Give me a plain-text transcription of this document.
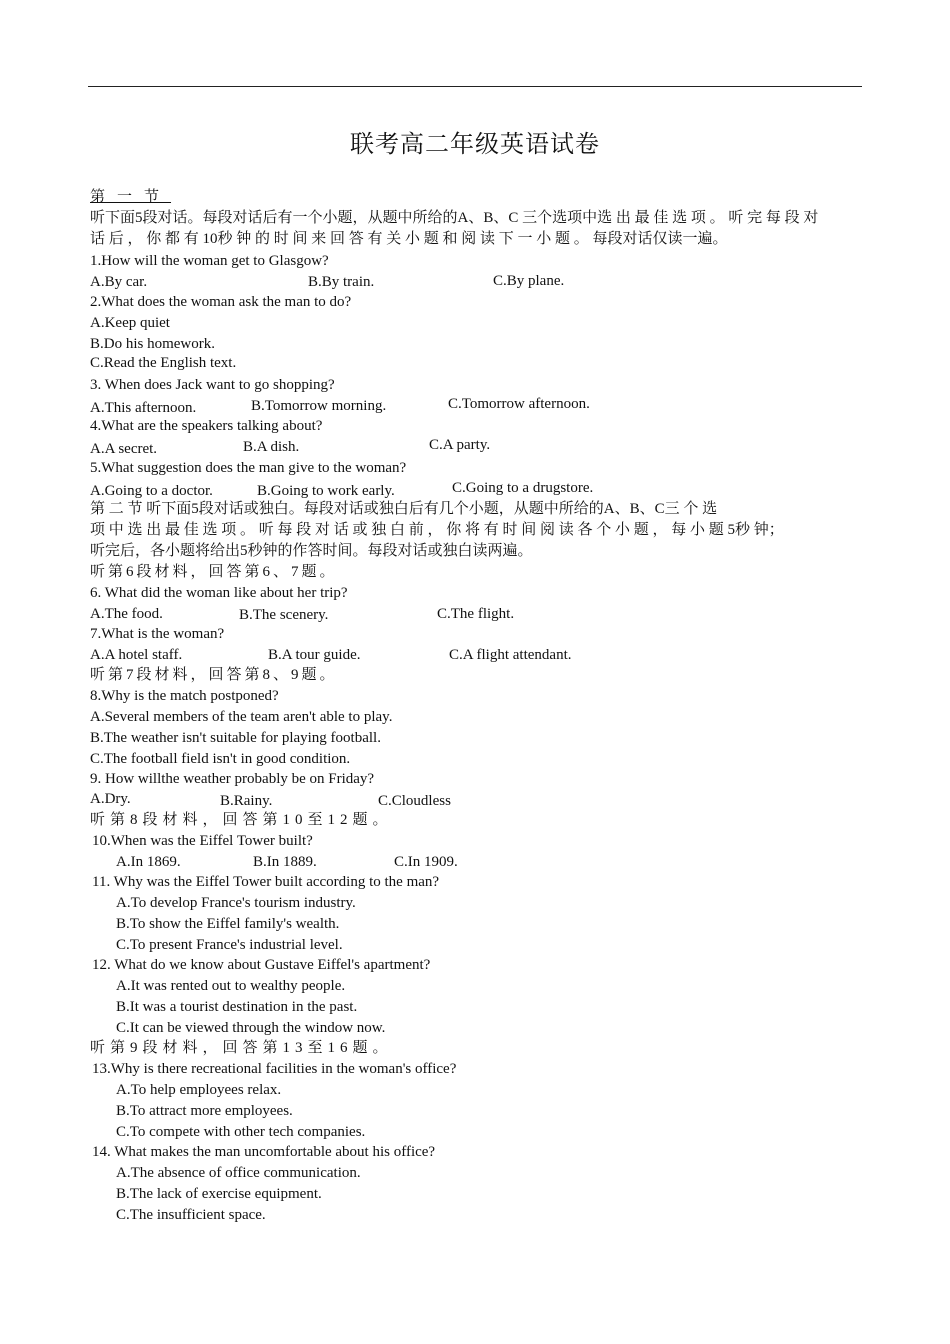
联考高二年级英语试卷
第一节
听下面5段对话。每段对话后有一个小题，从题中所给的A、B、C 三个选项中选 出 最 佳 选 项 。 听 完 每 段 对
话 后 ， 你 都 有 10秒 钟 的 时 间 来 回 答 有 关 小 题 和 阅 读 下 一 小 题 。 每段对话仅读一遍。
1.How will the woman get to Glasgow?
A.By car.	B.By train.	C.By plane.
2.What does the woman ask the man to do?
A.Keep quiet
B.Do his homework.
C.Read the English text.
3. When does Jack want to go shopping?
A.This afternoon.	B.Tomorrow morning.	C.Tomorrow afternoon.
4.What are the speakers talking about?
A.A secret.	B.A dish.	C.A party.
5.What suggestion does the man give to the woman?
A.Going to a doctor.	B.Going to work early.	C.Going to a drugstore.
第 二 节 听下面5段对话或独白。每段对话或独白后有几个小题，从题中所给的A、B、C三 个 选
项 中 选 出 最 佳 选 项 。 听 每 段 对 话 或 独 白 前 ， 你 将 有 时 间 阅 读 各 个 小 题 ， 每 小 题 5秒 钟；
听完后，各小题将给出5秒钟的作答时间。每段对话或独白读两遍。
听第6段材料，回答第6、7题。
6. What did the woman like about her trip?
A.The food.	B.The scenery.	C.The flight.
7.What is the woman?
A.A hotel staff.	B.A tour guide.	C.A flight attendant.
听第7段材料，回答第8、9题。
8.Why is the match postponed?
A.Several members of the team aren't able to play.
B.The weather isn't suitable for playing football.
C.The football field isn't in good condition.
9. How willthe weather probably be on Friday?
A.Dry.	B.Rainy.	C.Cloudless
听第8段材料，回答第10至12题。
10.When was the Eiffel Tower built?
A.In 1869.	B.In 1889.	C.In 1909.
11. Why was the Eiffel Tower built according to the man?
A.To develop France's tourism industry.
B.To show the Eiffel family's wealth.
C.To present France's industrial level.
12. What do we know about Gustave Eiffel's apartment?
A.It was rented out to wealthy people.
B.It was a tourist destination in the past.
C.It can be viewed through the window now.
听第9段材料，回答第13至16题。
13.Why is there recreational facilities in the woman's office?
A.To help employees relax.
B.To attract more employees.
C.To compete with other tech companies.
14. What makes the man uncomfortable about his office?
A.The absence of office communication.
B.The lack of exercise equipment.
C.The insufficient space.
